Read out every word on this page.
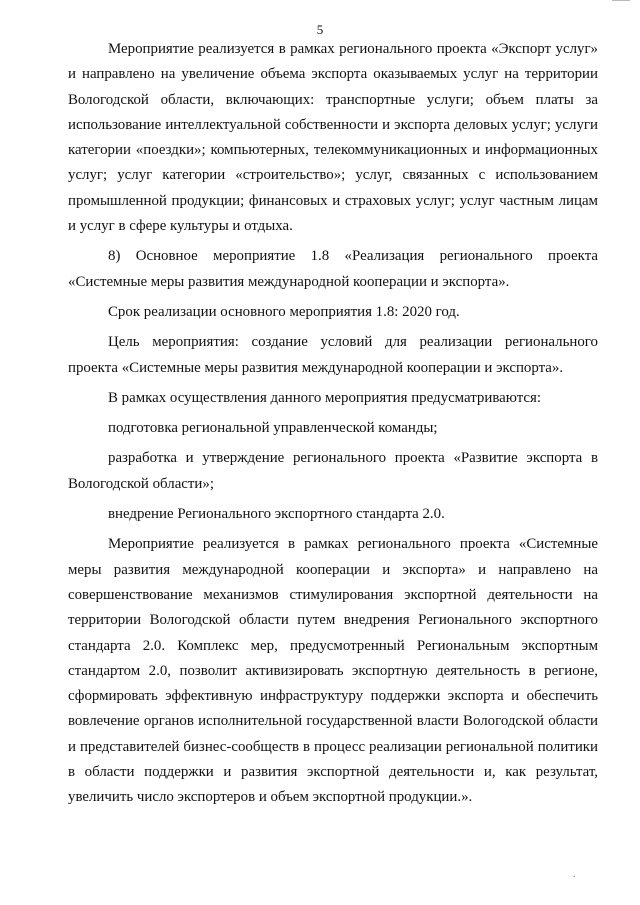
5

Мероприятие реализуется в рамках регионального проекта «Экспорт услуг» и направлено на увеличение объема экспорта оказываемых услуг на территории Вологодской области, включающих: транспортные услуги; объем платы за использование интеллектуальной собственности и экспорта деловых услуг; услуги категории «поездки»; компьютерных, телекоммуникационных и информационных услуг; услуг категории «строительство»; услуг, связанных с использованием промышленной продукции; финансовых и страховых услуг; услуг частным лицам и услуг в сфере культуры и отдыха.

8) Основное мероприятие 1.8 «Реализация регионального проекта «Системные меры развития международной кооперации и экспорта».

Срок реализации основного мероприятия 1.8: 2020 год.

Цель мероприятия: создание условий для реализации регионального проекта «Системные меры развития международной кооперации и экспорта».

В рамках осуществления данного мероприятия предусматриваются:

подготовка региональной управленческой команды;

разработка и утверждение регионального проекта «Развитие экспорта в Вологодской области»;

внедрение Регионального экспортного стандарта 2.0.

Мероприятие реализуется в рамках регионального проекта «Системные меры развития международной кооперации и экспорта» и направлено на совершенствование механизмов стимулирования экспортной деятельности на территории Вологодской области путем внедрения Регионального экспортного стандарта 2.0. Комплекс мер, предусмотренный Региональным экспортным стандартом 2.0, позволит активизировать экспортную деятельность в регионе, сформировать эффективную инфраструктуру поддержки экспорта и обеспечить вовлечение органов исполнительной государственной власти Вологодской области и представителей бизнес-сообществ в процесс реализации региональной политики в области поддержки и развития экспортной деятельности и, как результат, увеличить число экспортеров и объем экспортной продукции.».

·
